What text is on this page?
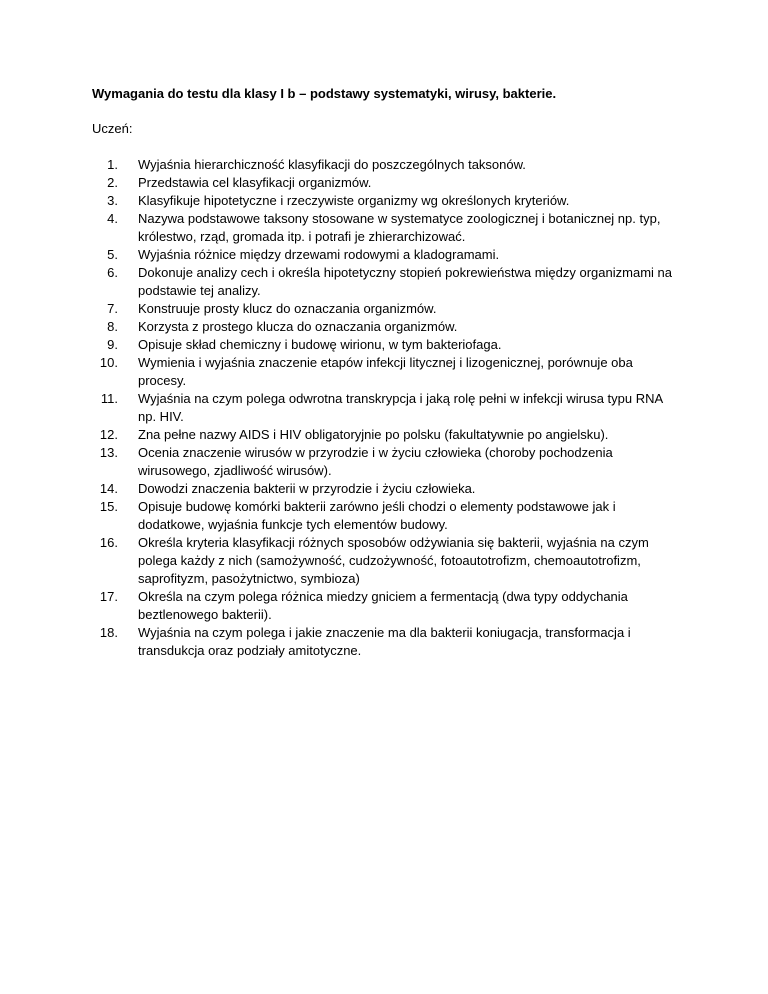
Wymagania do testu dla klasy I b – podstawy systematyki, wirusy, bakterie.

Uczeń:

1. Wyjaśnia hierarchiczność klasyfikacji do poszczególnych taksonów.
2. Przedstawia cel klasyfikacji organizmów.
3. Klasyfikuje hipotetyczne i rzeczywiste organizmy wg określonych kryteriów.
4. Nazywa podstawowe taksony stosowane w systematyce zoologicznej i botanicznej np. typ, królestwo, rząd, gromada itp. i potrafi je zhierarchizować.
5. Wyjaśnia różnice między drzewami rodowymi a kladogramami.
6. Dokonuje analizy cech i określa hipotetyczny stopień pokrewieństwa między organizmami na podstawie tej analizy.
7. Konstruuje prosty klucz do oznaczania organizmów.
8. Korzysta z prostego klucza do oznaczania organizmów.
9. Opisuje skład chemiczny i budowę wirionu, w tym bakteriofaga.
10. Wymienia i wyjaśnia znaczenie etapów infekcji litycznej i lizogenicznej, porównuje oba procesy.
11. Wyjaśnia na czym polega odwrotna transkrypcja i jaką rolę pełni w infekcji wirusa typu RNA np. HIV.
12. Zna pełne nazwy AIDS i HIV obligatoryjnie po polsku (fakultatywnie po angielsku).
13. Ocenia znaczenie wirusów w przyrodzie i w życiu człowieka (choroby pochodzenia wirusowego, zjadliwość wirusów).
14. Dowodzi znaczenia bakterii w przyrodzie i życiu człowieka.
15. Opisuje budowę komórki bakterii zarówno jeśli chodzi o elementy podstawowe jak i dodatkowe, wyjaśnia funkcje tych elementów budowy.
16. Określa kryteria klasyfikacji różnych sposobów odżywiania się bakterii, wyjaśnia na czym polega każdy z nich (samożywność, cudzożywność, fotoautotrofizm, chemoautotrofizm, saprofityzm, pasożytnictwo, symbioza)
17. Określa na czym polega różnica miedzy gniciem a fermentacją (dwa typy oddychania beztlenowego bakterii).
18. Wyjaśnia na czym polega i jakie znaczenie ma dla bakterii koniugacja, transformacja i transdukcja oraz podziały amitotyczne.
